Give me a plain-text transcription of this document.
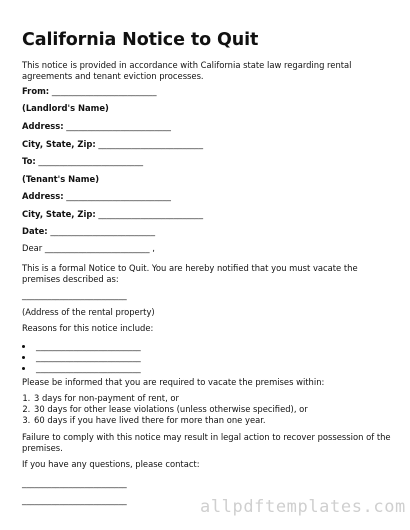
California Notice to Quit
This notice is provided in accordance with California state law regarding rental agreements and tenant eviction processes.
From: _________________________
(Landlord's Name)
Address: _________________________
City, State, Zip: _________________________
To: _________________________
(Tenant's Name)
Address: _________________________
City, State, Zip: _________________________
Date: _________________________
Dear _________________________ ,
This is a formal Notice to Quit. You are hereby notified that you must vacate the premises described as:
_________________________
(Address of the rental property)
Reasons for this notice include:
• _________________________
• _________________________
• _________________________
Please be informed that you are required to vacate the premises within:
1. 3 days for non-payment of rent, or
2. 30 days for other lease violations (unless otherwise specified), or
3. 60 days if you have lived there for more than one year.
Failure to comply with this notice may result in legal action to recover possession of the premises.
If you have any questions, please contact:
_________________________
_________________________	allpdftemplates.com
